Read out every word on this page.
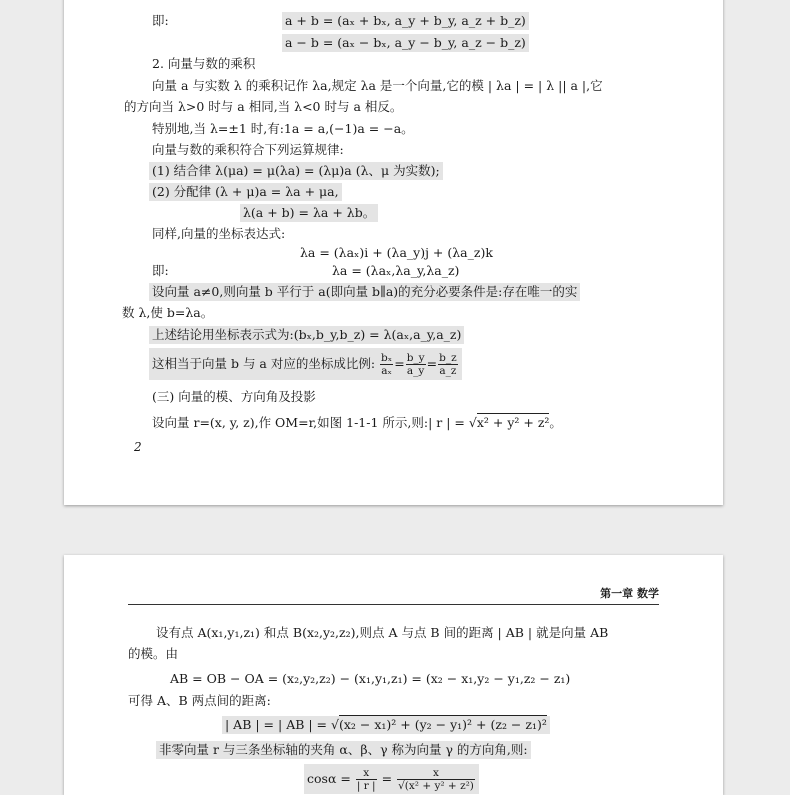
即:	a + b = (aₓ + bₓ, a_y + b_y, a_z + b_z)
a − b = (aₓ − bₓ, a_y − b_y, a_z − b_z)
2. 向量与数的乘积
向量 a 与实数 λ 的乘积记作 λa,规定 λa 是一个向量,它的模 | λa | = | λ || a |,它
的方向当 λ>0 时与 a 相同,当 λ<0 时与 a 相反。
特别地,当 λ=±1 时,有:1a = a,(−1)a = −a。
向量与数的乘积符合下列运算规律:
(1) 结合律 λ(μa) = μ(λa) = (λμ)a (λ、μ 为实数);
(2) 分配律 (λ + μ)a = λa + μa,
λ(a + b) = λa + λb。
同样,向量的坐标表达式:
λa = (λaₓ)i + (λa_y)j + (λa_z)k
即:	λa = (λaₓ,λa_y,λa_z)
设向量 a≠0,则向量 b 平行于 a(即向量 b∥a)的充分必要条件是:存在唯一的实
数 λ,使 b=λa。
上述结论用坐标表示式为:(bₓ,b_y,b_z) = λ(aₓ,a_y,a_z)
这相当于向量 b 与 a 对应的坐标成比例: $\frac{\text{bₓ}}{\text{aₓ}} = \frac{b\_y}{a\_y} = \frac{b\_z}{a\_z}$
(三) 向量的模、方向角及投影
设向量 r=(x, y, z),作 OM=r,如图 1-1-1 所示,则:| r | = √x² + y² + z²。
2
第一章 数学
设有点 A(x₁,y₁,z₁) 和点 B(x₂,y₂,z₂),则点 A 与点 B 间的距离 | AB | 就是向量 AB
的模。由
AB = OB − OA = (x₂,y₂,z₂) − (x₁,y₁,z₁) = (x₂ − x₁,y₂ − y₁,z₂ − z₁)
可得 A、B 两点间的距离:
| AB | = | AB | = √(x₂ − x₁)² + (y₂ − y₁)² + (z₂ − z₁)²
非零向量 r 与三条坐标轴的夹角 α、β、γ 称为向量 γ 的方向角,则:
$\cos\alpha = \frac{x}{| r |} = \frac{x}{\text{√(x² + y² + z²)}}$
